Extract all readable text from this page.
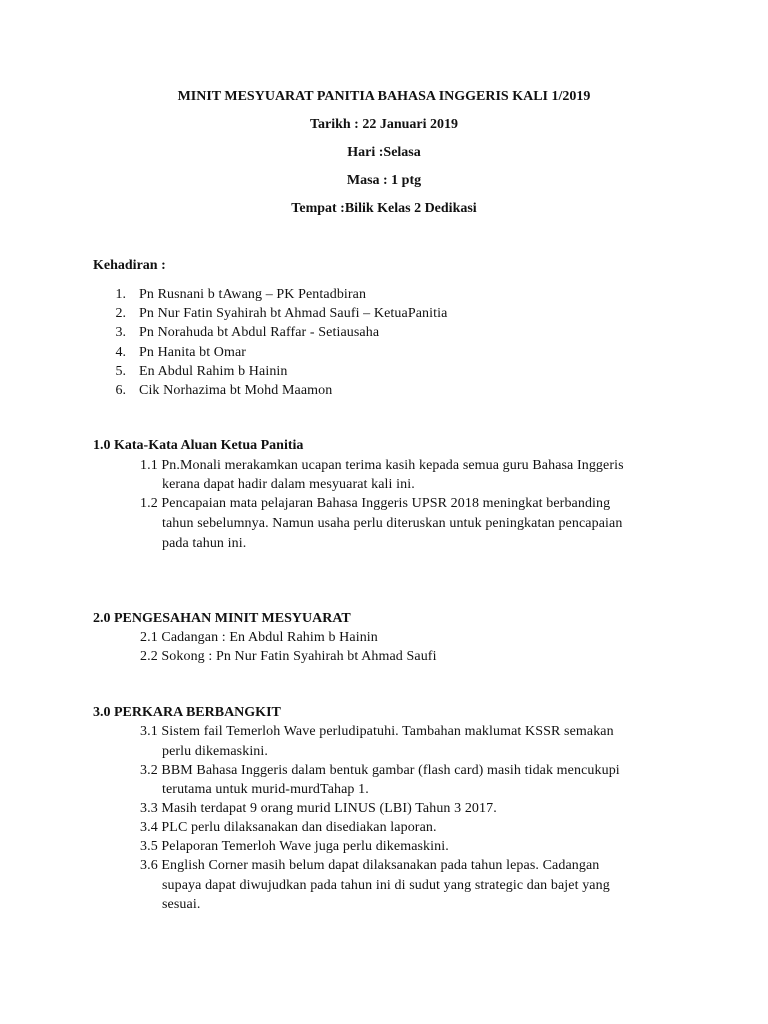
MINIT MESYUARAT PANITIA BAHASA INGGERIS KALI 1/2019
Tarikh : 22 Januari 2019
Hari :Selasa
Masa : 1 ptg
Tempat :Bilik Kelas 2 Dedikasi
Kehadiran :
1. Pn Rusnani b tAwang – PK Pentadbiran
2. Pn Nur Fatin Syahirah bt Ahmad Saufi – KetuaPanitia
3. Pn Norahuda bt Abdul Raffar - Setiausaha
4. Pn Hanita bt Omar
5. En Abdul Rahim b Hainin
6. Cik Norhazima bt Mohd Maamon
1.0 Kata-Kata Aluan Ketua Panitia
1.1 Pn.Monali merakamkan ucapan terima kasih kepada semua guru Bahasa Inggeris
kerana dapat hadir dalam mesyuarat kali ini.
1.2 Pencapaian mata pelajaran Bahasa Inggeris UPSR 2018 meningkat berbanding
tahun sebelumnya. Namun usaha perlu diteruskan untuk peningkatan pencapaian
pada tahun ini.
2.0 PENGESAHAN MINIT MESYUARAT
2.1 Cadangan : En Abdul Rahim b Hainin
2.2 Sokong : Pn Nur Fatin Syahirah bt Ahmad Saufi
3.0 PERKARA BERBANGKIT
3.1 Sistem fail Temerloh Wave perludipatuhi. Tambahan maklumat KSSR semakan
perlu dikemaskini.
3.2 BBM Bahasa Inggeris dalam bentuk gambar (flash card) masih tidak mencukupi
terutama untuk murid-murdTahap 1.
3.3 Masih terdapat 9 orang murid LINUS (LBI) Tahun 3 2017.
3.4 PLC perlu dilaksanakan dan disediakan laporan.
3.5 Pelaporan Temerloh Wave juga perlu dikemaskini.
3.6 English Corner masih belum dapat dilaksanakan pada tahun lepas. Cadangan
supaya dapat diwujudkan pada tahun ini di sudut yang strategic dan bajet yang
sesuai.
